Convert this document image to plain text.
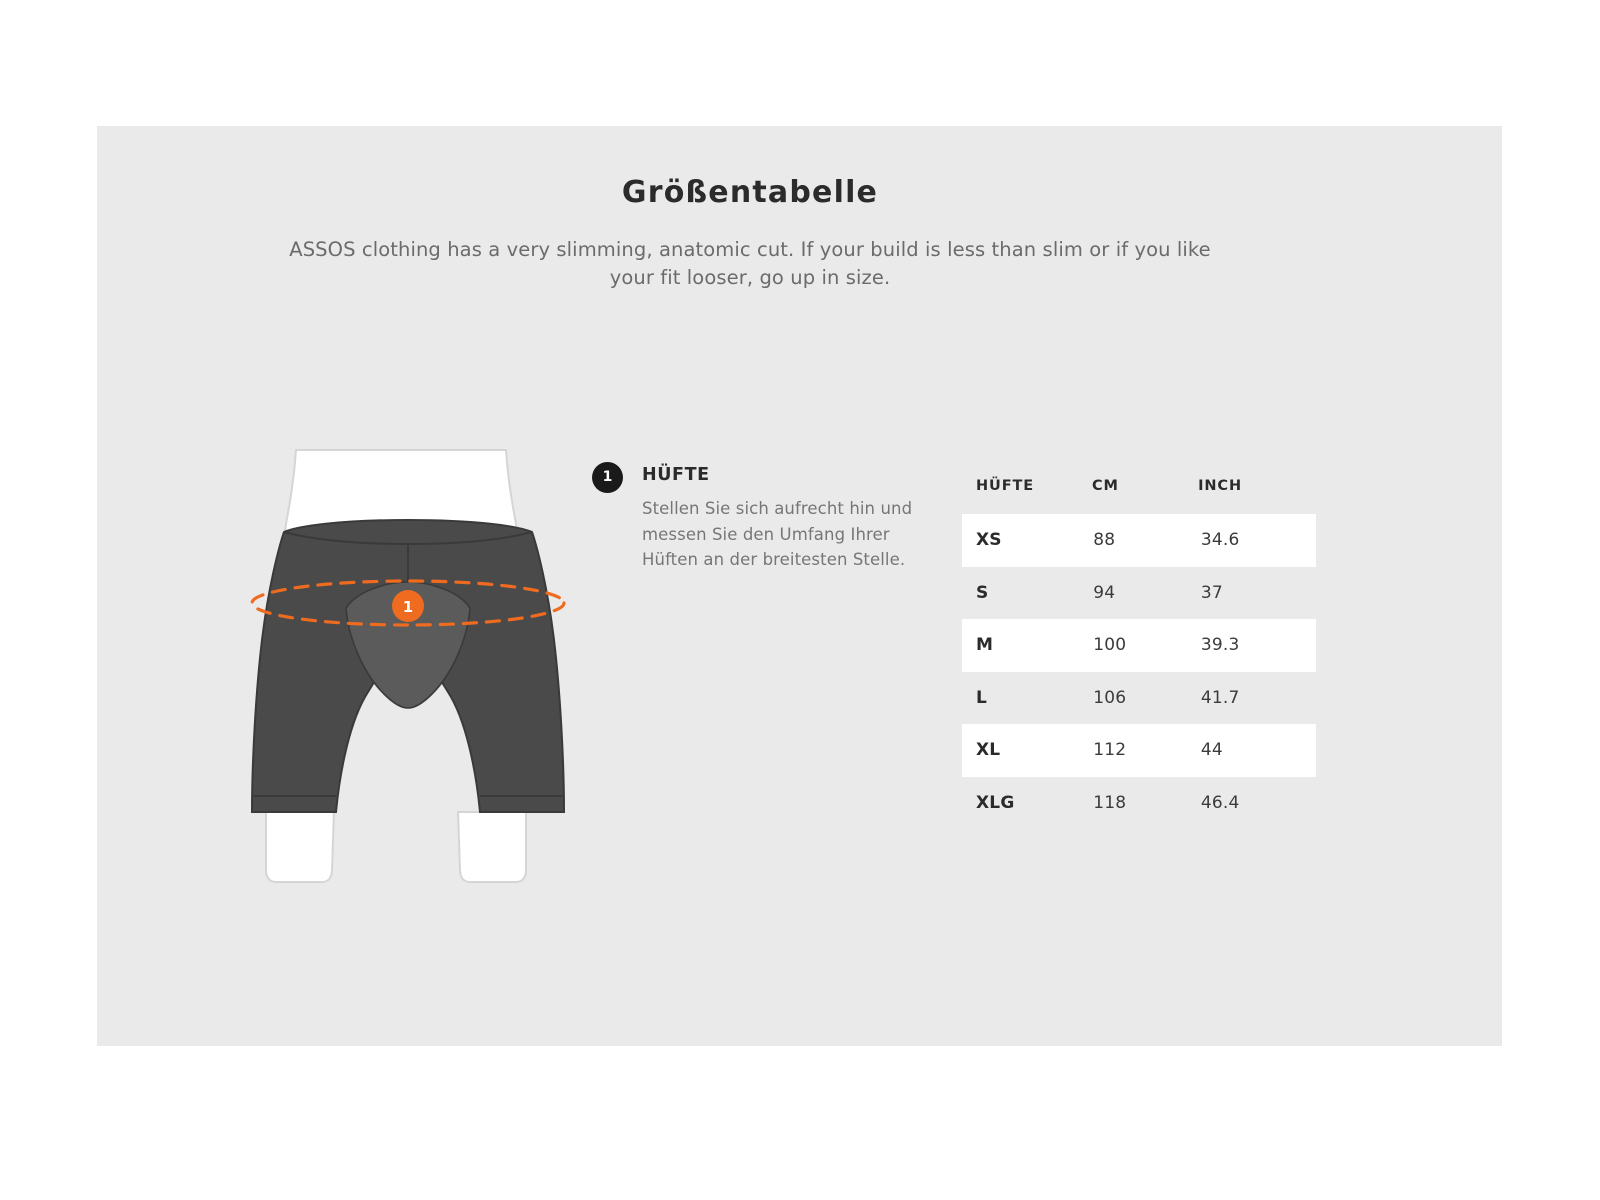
Größentabelle
ASSOS clothing has a very slimming, anatomic cut. If your build is less than slim or if you like your fit looser, go up in size.
1
1	HÜFTE
Stellen Sie sich aufrecht hin und messen Sie den Umfang Ihrer Hüften an der breitesten Stelle.
HÜFTE	CM	INCH
XS	88	34.6
S	94	37
M	100	39.3
L	106	41.7
XL	112	44
XLG	118	46.4
